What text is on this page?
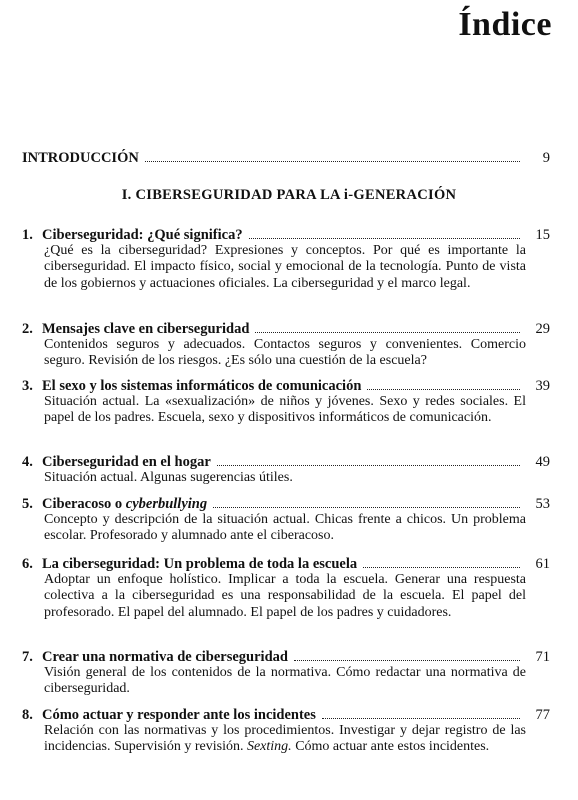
Índice
INTRODUCCIÓN	9
I. CIBERSEGURIDAD PARA LA i-GENERACIÓN
1. Ciberseguridad: ¿Qué significa?	15

¿Qué es la ciberseguridad? Expresiones y conceptos. Por qué es importante la ciberseguridad. El impacto físico, social y emocional de la tecnología. Punto de vista de los gobiernos y actuaciones oficiales. La ciberseguridad y el marco legal.

2. Mensajes clave en ciberseguridad	29

Contenidos seguros y adecuados. Contactos seguros y convenientes. Comercio seguro. Revisión de los riesgos. ¿Es sólo una cuestión de la escuela?

3. El sexo y los sistemas informáticos de comunicación	39

Situación actual. La «sexualización» de niños y jóvenes. Sexo y redes sociales. El papel de los padres. Escuela, sexo y dispositivos informáticos de comunicación.

4. Ciberseguridad en el hogar	49

Situación actual. Algunas sugerencias útiles.

5. Ciberacoso o cyberbullying	53

Concepto y descripción de la situación actual. Chicas frente a chicos. Un problema escolar. Profesorado y alumnado ante el ciberacoso.

6. La ciberseguridad: Un problema de toda la escuela	61

Adoptar un enfoque holístico. Implicar a toda la escuela. Generar una respuesta colectiva a la ciberseguridad es una responsabilidad de la escuela. El papel del profesorado. El papel del alumnado. El papel de los padres y cuidadores.

7. Crear una normativa de ciberseguridad	71

Visión general de los contenidos de la normativa. Cómo redactar una normativa de ciberseguridad.

8. Cómo actuar y responder ante los incidentes	77

Relación con las normativas y los procedimientos. Investigar y dejar registro de las incidencias. Supervisión y revisión. Sexting. Cómo actuar ante estos incidentes.
